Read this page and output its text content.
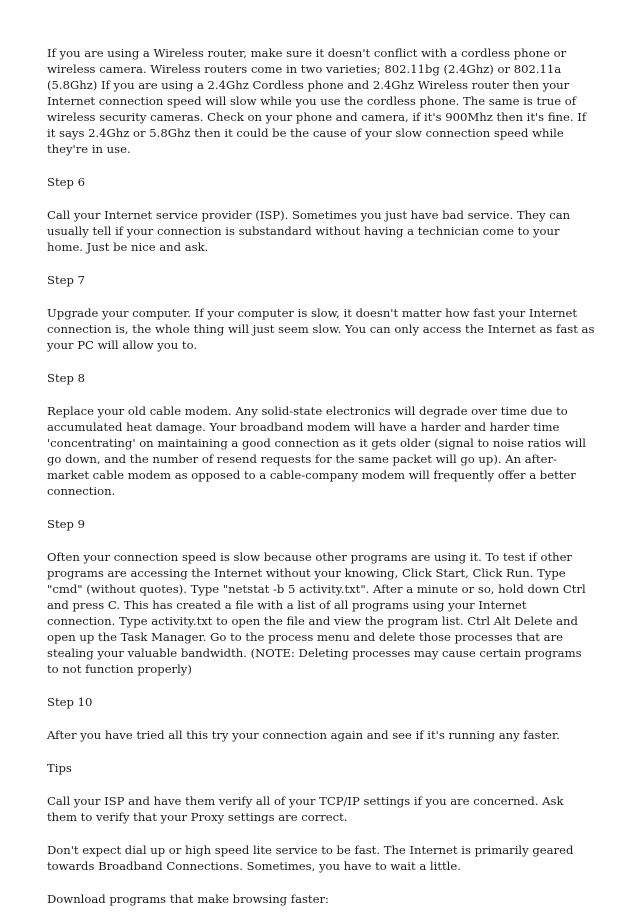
If you are using a Wireless router, make sure it doesn't conflict with a cordless phone or wireless camera. Wireless routers come in two varieties; 802.11bg (2.4Ghz) or 802.11a (5.8Ghz) If you are using a 2.4Ghz Cordless phone and 2.4Ghz Wireless router then your Internet connection speed will slow while you use the cordless phone. The same is true of wireless security cameras. Check on your phone and camera, if it's 900Mhz then it's fine. If it says 2.4Ghz or 5.8Ghz then it could be the cause of your slow connection speed while they're in use.

Step 6

Call your Internet service provider (ISP). Sometimes you just have bad service. They can usually tell if your connection is substandard without having a technician come to your home. Just be nice and ask.

Step 7

Upgrade your computer. If your computer is slow, it doesn't matter how fast your Internet connection is, the whole thing will just seem slow. You can only access the Internet as fast as your PC will allow you to.

Step 8

Replace your old cable modem. Any solid-state electronics will degrade over time due to accumulated heat damage. Your broadband modem will have a harder and harder time 'concentrating' on maintaining a good connection as it gets older (signal to noise ratios will go down, and the number of resend requests for the same packet will go up). An after-market cable modem as opposed to a cable-company modem will frequently offer a better connection.

Step 9

Often your connection speed is slow because other programs are using it. To test if other programs are accessing the Internet without your knowing, Click Start, Click Run. Type "cmd" (without quotes). Type "netstat -b 5 activity.txt". After a minute or so, hold down Ctrl and press C. This has created a file with a list of all programs using your Internet connection. Type activity.txt to open the file and view the program list. Ctrl Alt Delete and open up the Task Manager. Go to the process menu and delete those processes that are stealing your valuable bandwidth. (NOTE: Deleting processes may cause certain programs to not function properly)

Step 10

After you have tried all this try your connection again and see if it's running any faster.

Tips

Call your ISP and have them verify all of your TCP/IP settings if you are concerned. Ask them to verify that your Proxy settings are correct.

Don't expect dial up or high speed lite service to be fast. The Internet is primarily geared towards Broadband Connections. Sometimes, you have to wait a little.

Download programs that make browsing faster:
